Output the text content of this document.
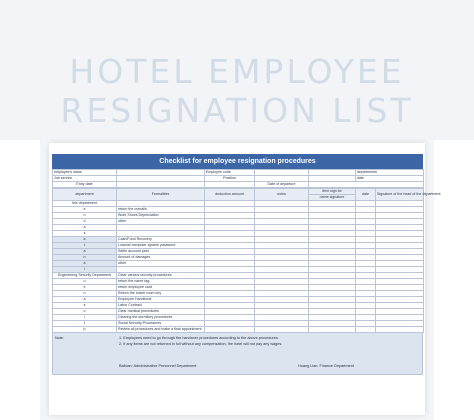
HOTEL EMPLOYEE
RESIGNATION LIST
Checklist for employee resignation procedures
employee's name		Employee code			departments
Job service		Position			date
Entry date			Date of departure		
department	Formalities	deduction amount	notes	Item sign for	date	Signature of the head of the department
				name signature		
this department						
e	return the overalls					
n	Work Shoes Depreciation					
d	other					
a						
s						
a	Cash/Fund Recovery					
t	Loan/all computer system password					
a	Settle account paid					
n	Amount of damages					
a	other					
i						
Engineering Security Department	Clear various security procedures					
u	return the name tag					
e	return employee card					
n	Return the locker room key					
a	Employee Handbook					
s	Labor Contract					
o	Clear medical procedures					
i	Clearing the dormitory procedures					
t	Social Security Procedures					
p	Review all procedures and make a final appointment					
Note:	1. Employees need to go through the handover procedures according to the above procedures.
2. If any items are not returned in full without any compensation, the hotel will not pay any wages.
Baibian: Administrative Personnel Department	Huang Lian: Finance Department
